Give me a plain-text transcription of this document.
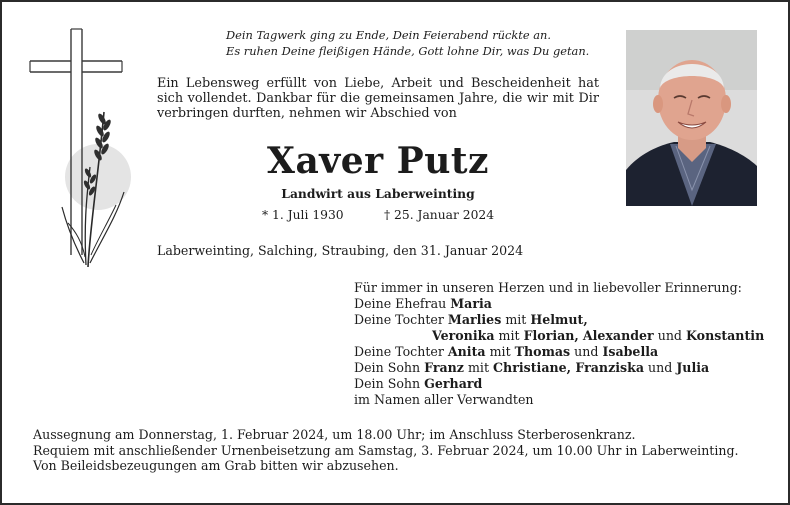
Dein Tagwerk ging zu Ende, Dein Feierabend rückte an.
Es ruhen Deine fleißigen Hände, Gott lohne Dir, was Du getan.
Ein Lebensweg erfüllt von Liebe, Arbeit und Bescheidenheit hat sich vollendet. Dankbar für die gemeinsamen Jahre, die wir mit Dir verbringen durften, nehmen wir Abschied von
Xaver Putz
Landwirt aus Laberweinting
* 1. Juli 1930	† 25. Januar 2024
Laberweinting, Salching, Straubing, den 31. Januar 2024
Für immer in unseren Herzen und in liebevoller Erinnerung:
Deine Ehefrau Maria
Deine Tochter Marlies mit Helmut,
Veronika mit Florian, Alexander und Konstantin
Deine Tochter Anita mit Thomas und Isabella
Dein Sohn Franz mit Christiane, Franziska und Julia
Dein Sohn Gerhard
im Namen aller Verwandten
Aussegnung am Donnerstag, 1. Februar 2024, um 18.00 Uhr; im Anschluss Sterberosenkranz.
Requiem mit anschließender Urnenbeisetzung am Samstag, 3. Februar 2024, um 10.00 Uhr in Laberweinting.
Von Beileidsbezeugungen am Grab bitten wir abzusehen.
